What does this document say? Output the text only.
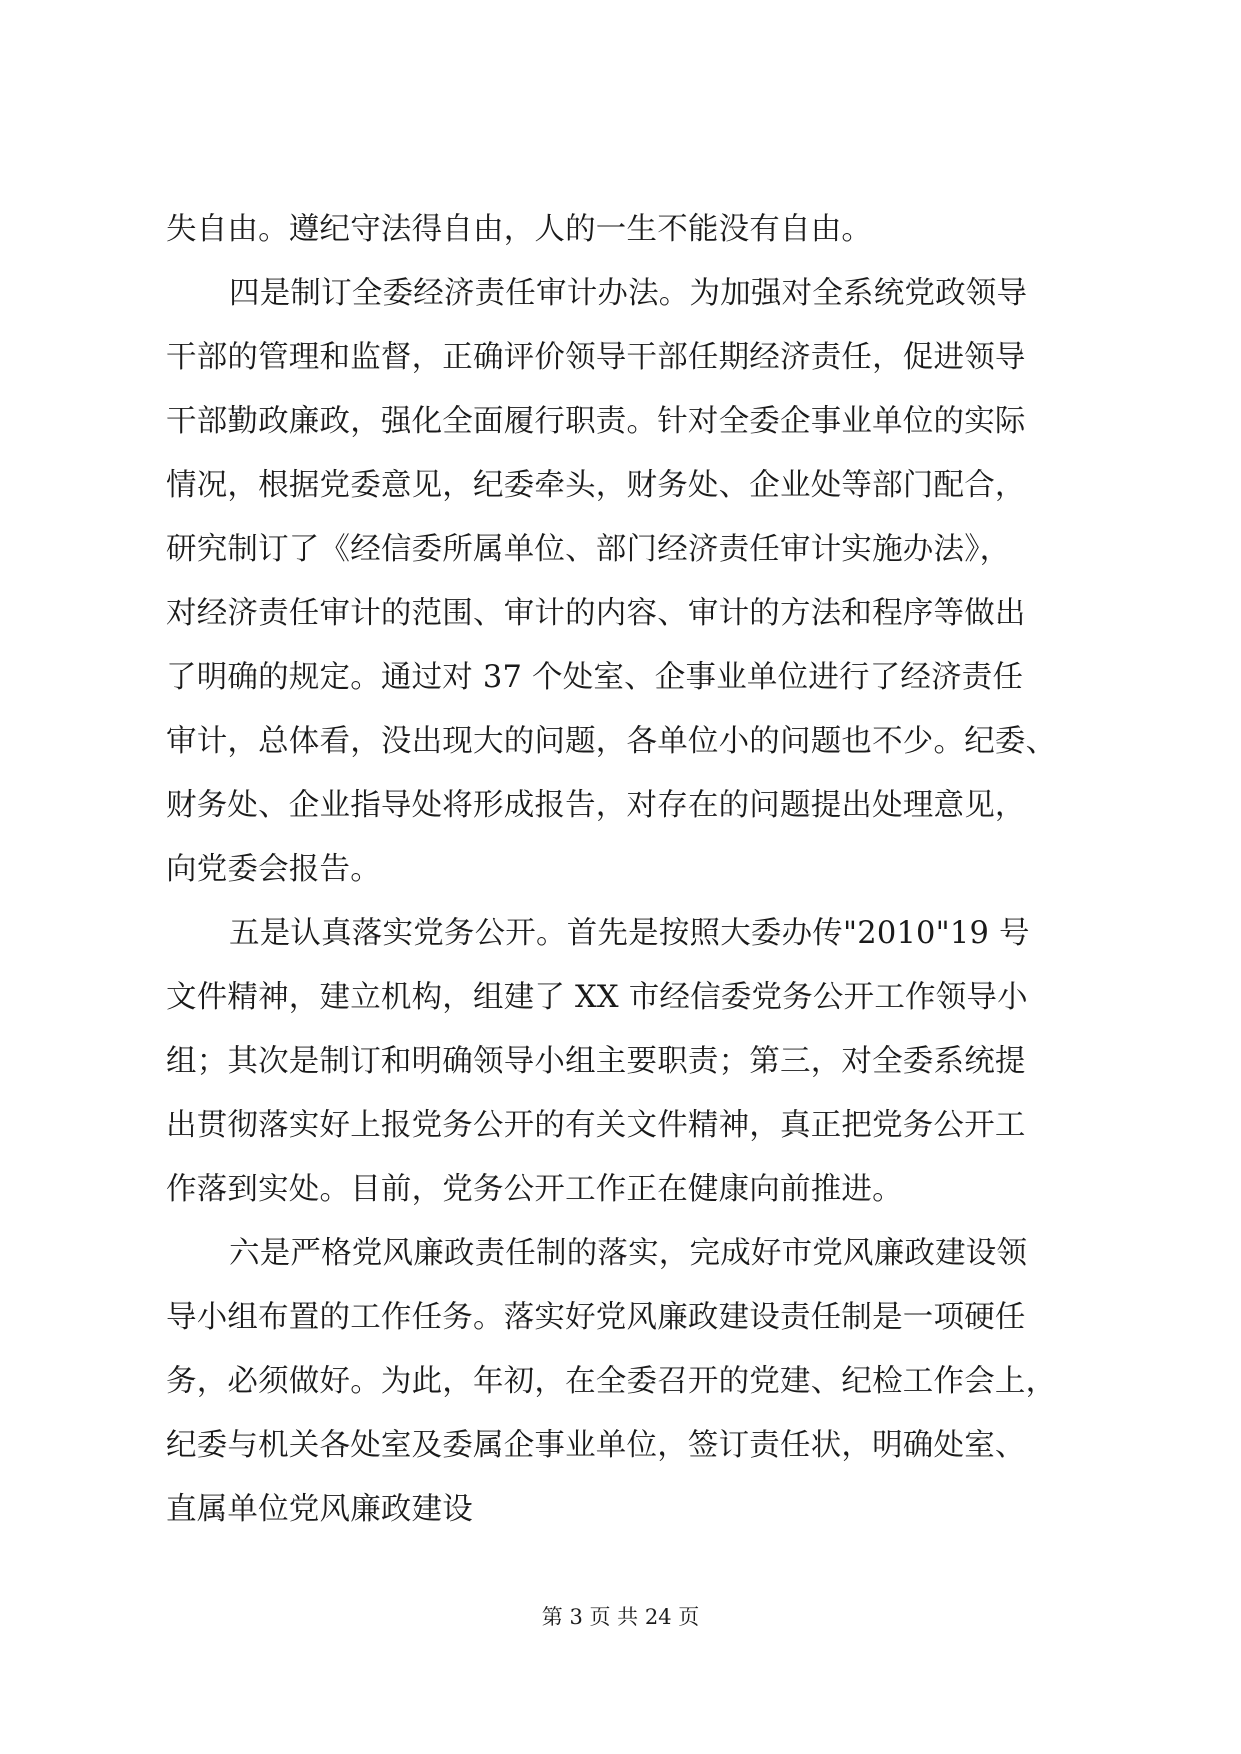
失自由。遵纪守法得自由，人的一生不能没有自由。
四是制订全委经济责任审计办法。为加强对全系统党政领导
干部的管理和监督，正确评价领导干部任期经济责任，促进领导
干部勤政廉政，强化全面履行职责。针对全委企事业单位的实际
情况，根据党委意见，纪委牵头，财务处、企业处等部门配合，
研究制订了《经信委所属单位、部门经济责任审计实施办法》，
对经济责任审计的范围、审计的内容、审计的方法和程序等做出
了明确的规定。通过对 37 个处室、企事业单位进行了经济责任
审计，总体看，没出现大的问题，各单位小的问题也不少。纪委、
财务处、企业指导处将形成报告，对存在的问题提出处理意见，
向党委会报告。
五是认真落实党务公开。首先是按照大委办传"2010"19 号
文件精神，建立机构，组建了 XX 市经信委党务公开工作领导小
组；其次是制订和明确领导小组主要职责；第三，对全委系统提
出贯彻落实好上报党务公开的有关文件精神，真正把党务公开工
作落到实处。目前，党务公开工作正在健康向前推进。
六是严格党风廉政责任制的落实，完成好市党风廉政建设领
导小组布置的工作任务。落实好党风廉政建设责任制是一项硬任
务，必须做好。为此，年初，在全委召开的党建、纪检工作会上，
纪委与机关各处室及委属企事业单位，签订责任状，明确处室、
直属单位党风廉政建设
第 3 页 共 24 页
